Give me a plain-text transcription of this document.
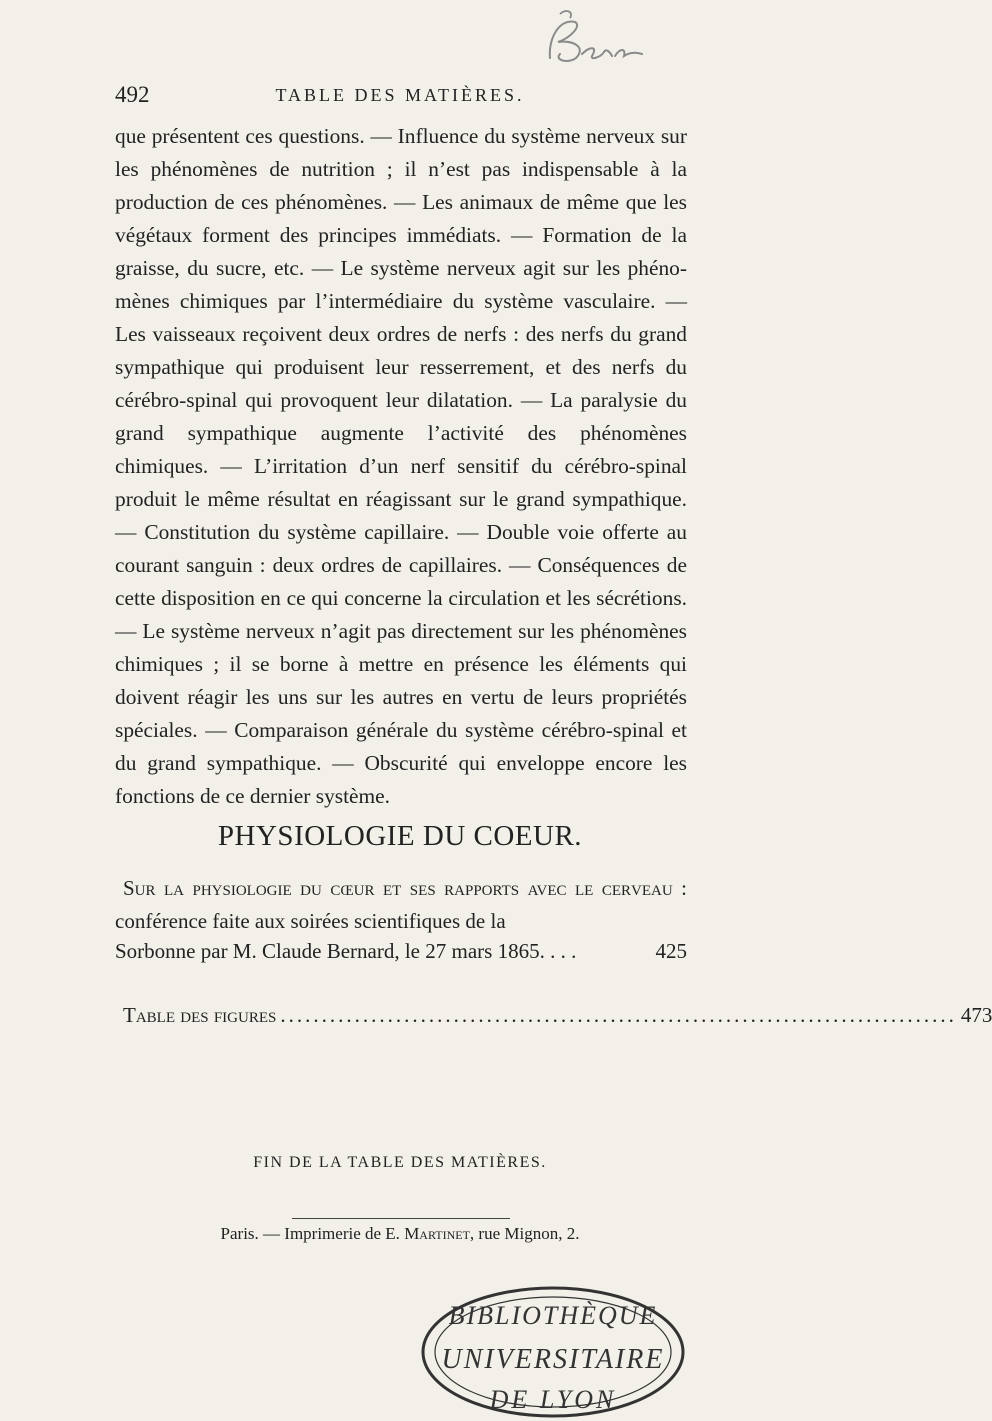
492	TABLE DES MATIÈRES.
que présentent ces questions. — Influence du système nerveux sur les phénomènes de nutrition ; il n’est pas indispensable à la production de ces phénomènes. — Les animaux de même que les végétaux forment des principes immédiats. — Formation de la graisse, du sucre, etc. — Le système nerveux agit sur les phénomènes chimiques par l’intermédiaire du système vasculaire. — Les vaisseaux reçoivent deux ordres de nerfs : des nerfs du grand sympathique qui produisent leur resserrement, et des nerfs du cérébro-spinal qui provoquent leur dilatation. — La paralysie du grand sympathique augmente l’activité des phénomènes chimiques. — L’irritation d’un nerf sensitif du cérébro-spinal produit le même résultat en réagissant sur le grand sympathique. — Constitution du système capillaire. — Double voie offerte au courant sanguin : deux ordres de capillaires. — Conséquences de cette disposition en ce qui concerne la circulation et les sécrétions. — Le système nerveux n’agit pas directement sur les phénomènes chimiques ; il se borne à mettre en présence les éléments qui doivent réagir les uns sur les autres en vertu de leurs propriétés spéciales. — Comparaison générale du système cérébro-spinal et du grand sympathique. — Obscurité qui enveloppe encore les fonctions de ce dernier système.
PHYSIOLOGIE DU COEUR.

Sur la physiologie du cœur et ses rapports avec le cerveau : conférence faite aux soirées scientifiques de la

Sorbonne par M. Claude Bernard, le 27 mars 1865. . . .	425
Table des figures .................................................................................. 473
FIN DE LA TABLE DES MATIÈRES.
Paris. — Imprimerie de E. Martinet, rue Mignon, 2.
BIBLIOTHÈQUE
UNIVERSITAIRE
DE LYON
